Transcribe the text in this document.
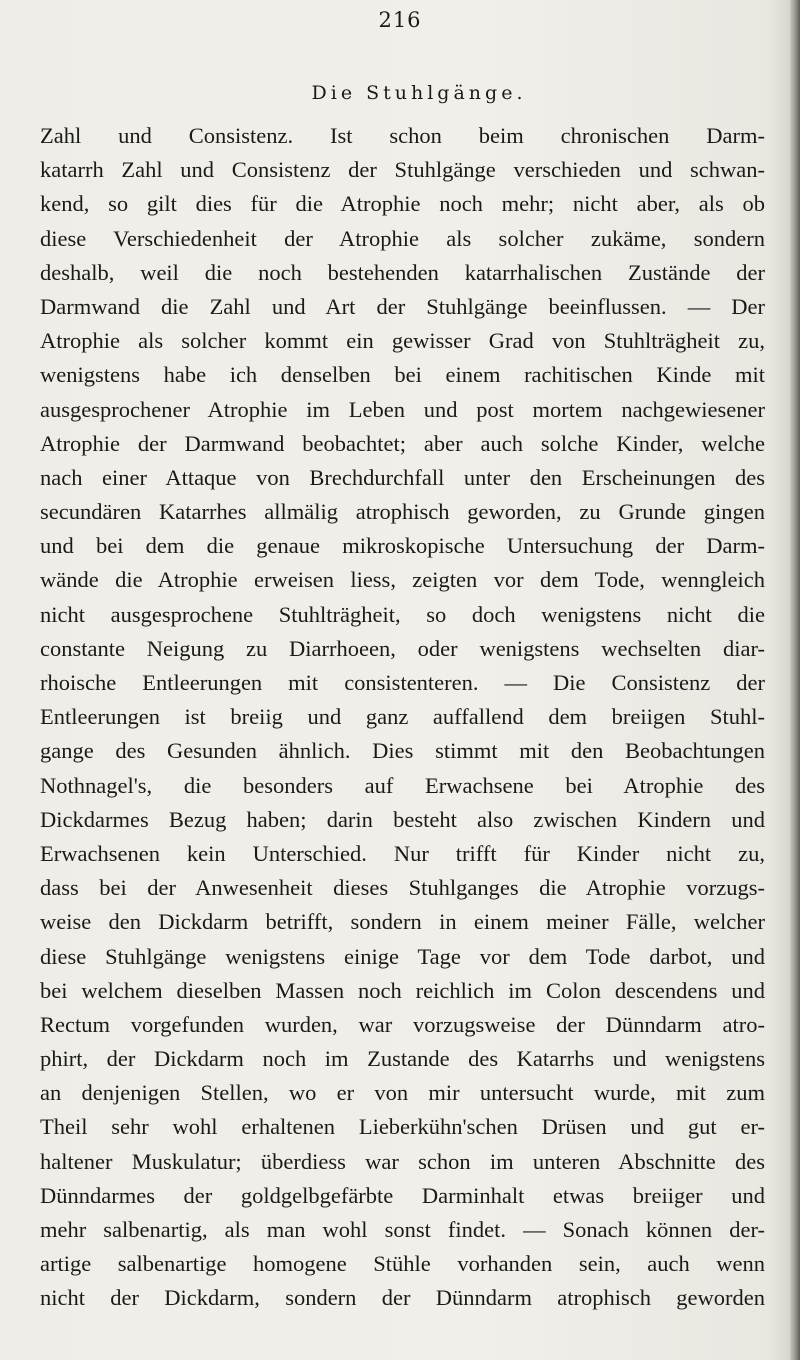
216
Die Stuhlgänge.
Zahl und Consistenz. Ist schon beim chronischen Darm-
katarrh Zahl und Consistenz der Stuhlgänge verschieden und schwan-
kend, so gilt dies für die Atrophie noch mehr; nicht aber, als ob
diese Verschiedenheit der Atrophie als solcher zukäme, sondern
deshalb, weil die noch bestehenden katarrhalischen Zustände der
Darmwand die Zahl und Art der Stuhlgänge beeinflussen. — Der
Atrophie als solcher kommt ein gewisser Grad von Stuhlträgheit zu,
wenigstens habe ich denselben bei einem rachitischen Kinde mit
ausgesprochener Atrophie im Leben und post mortem nachgewiesener
Atrophie der Darmwand beobachtet; aber auch solche Kinder, welche
nach einer Attaque von Brechdurchfall unter den Erscheinungen des
secundären Katarrhes allmälig atrophisch geworden, zu Grunde gingen
und bei dem die genaue mikroskopische Untersuchung der Darm-
wände die Atrophie erweisen liess, zeigten vor dem Tode, wenngleich
nicht ausgesprochene Stuhlträgheit, so doch wenigstens nicht die
constante Neigung zu Diarrhoeen, oder wenigstens wechselten diar-
rhoische Entleerungen mit consistenteren. — Die Consistenz der
Entleerungen ist breiig und ganz auffallend dem breiigen Stuhl-
gange des Gesunden ähnlich. Dies stimmt mit den Beobachtungen
Nothnagel's, die besonders auf Erwachsene bei Atrophie des
Dickdarmes Bezug haben; darin besteht also zwischen Kindern und
Erwachsenen kein Unterschied. Nur trifft für Kinder nicht zu,
dass bei der Anwesenheit dieses Stuhlganges die Atrophie vorzugs-
weise den Dickdarm betrifft, sondern in einem meiner Fälle, welcher
diese Stuhlgänge wenigstens einige Tage vor dem Tode darbot, und
bei welchem dieselben Massen noch reichlich im Colon descendens und
Rectum vorgefunden wurden, war vorzugsweise der Dünndarm atro-
phirt, der Dickdarm noch im Zustande des Katarrhs und wenigstens
an denjenigen Stellen, wo er von mir untersucht wurde, mit zum
Theil sehr wohl erhaltenen Lieberkühn'schen Drüsen und gut er-
haltener Muskulatur; überdiess war schon im unteren Abschnitte des
Dünndarmes der goldgelbgefärbte Darminhalt etwas breiiger und
mehr salbenartig, als man wohl sonst findet. — Sonach können der-
artige salbenartige homogene Stühle vorhanden sein, auch wenn
nicht der Dickdarm, sondern der Dünndarm atrophisch geworden
